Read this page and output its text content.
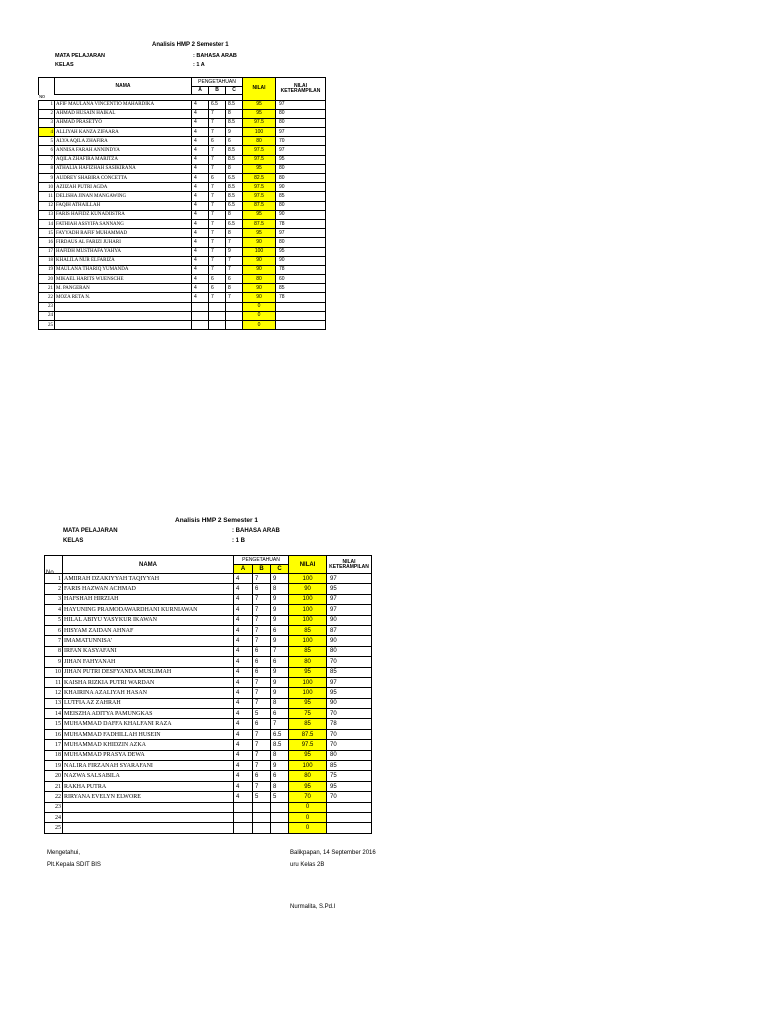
Analisis HMP 2 Semester 1
MATA PELAJARAN	: BAHASA ARAB
KELAS	: 1 A
	NAMA	PENGETAHUAN			NILAI	NILAI
KETERAMPILAN

		A	B	C		
No						
1	AFIF MAULANA VINCENTIO MAHARDIKA	4	6.5	8.5	95	97
2	AHMAD HUSAIN HAIKAL	4	7	8	95	80
3	AHMAD PRASETYO	4	7	8.5	97.5	80
4	ALLIYAH KANZA ZIFAARA	4	7	9	100	97
5	ALYA AQILA ZHAFIRA	4	6	6	80	70
6	ANNISA FARAH ANNINDYA	4	7	8.5	97.5	97
7	AQILA ZHAFIRA MARITZA	4	7	8.5	97.5	95
8	ATHALIA HAFIZHAH SASIKIRANA	4	7	8	95	80
9	AUDREY SHABIRA CONCETTA	4	6	6.5	82.5	80
10	AZIIZAH PUTRI AGDA	4	7	8.5	97.5	90
11	DELISHA JINAN MANGAWING	4	7	8.5	97.5	85
12	FAQIH ATHAILLAH	4	7	6.5	87.5	80
13	FARIS HAFIDZ KUNADIISTRA	4	7	8	95	90
14	FATHIAH ASSYIFA SANNANG	4	7	6.5	87.5	78
15	FAYYADH RAFIF MUHAMMAD	4	7	8	95	97
16	FIRDAUS AL FARIZI JUHARI	4	7	7	90	80
17	HAFIDH MUSTHAFA YAHYA	4	7	9	100	95
18	KHALILA NUR ELFARIZA	4	7	7	90	90
19	MAULANA THARIQ YUMANDA	4	7	7	90	78
20	MIKAEL HARITS WUENSCHE	4	6	6	80	60
21	M. PANGERAN	4	6	8	90	85
22	MOZA RETA N.	4	7	7	90	78
23					0	
24					0	
25					0	
Analisis HMP 2 Semester 1
MATA PELAJARAN	: BAHASA ARAB
KELAS	: 1 B
	NAMA	PENGETAHUAN			NILAI	NILAI
KETERAMPILAN

		A	B	C		
1	AMIIRAH DZAKIYYAH TAQIYYAH	4	7	9	100	97
2	FARIS HAZWAN ACHMAD	4	6	8	90	95
3	HAFSHAH HIRZIAH	4	7	9	100	97
4	HAYUNING PRAMODAWARDHANI KURNIAWAN	4	7	9	100	97
5	HILAL ABIYU YASYKUR IKAWAN	4	7	9	100	90
6	HISYAM ZAIDAN AHNAF	4	7	6	85	87
7	IMAMATUNNISA'	4	7	9	100	90
8	IRFAN KASYAFANI	4	6	7	85	80
9	JIHAN FAHYANAH	4	6	6	80	70
10	JIHAN PUTRI DESFYANDA MUSLIMAH	4	6	9	95	85
11	KAISHA RIZKIA PUTRI WARDAN	4	7	9	100	97
12	KHAIRINA AZALIYAH HASAN	4	7	9	100	95
13	LUTFIA AZ ZAHRAH	4	7	8	95	90
14	MEISZHA ADITYA PAMUNGKAS	4	5	6	75	70
15	MUHAMMAD DAFFA KHALFANI RAZA	4	6	7	85	78
16	MUHAMMAD FADHILLAH HUSEIN	4	7	6.5	87.5	70
17	MUHAMMAD KHIDZIN AZKA	4	7	8.5	97.5	70
18	MUHAMMAD PRASYA DEWA	4	7	8	95	80
19	NALIRA FIRZANAH SYARAFANI	4	7	9	100	85
20	NAZWA SALSABILA	4	6	6	80	75
21	RAKHA PUTRA	4	7	8	95	95
22	RIRYANA EVELYN ELWORE	4	5	5	70	70
23					0	
24					0	
25					0	
No
Mengetahui,
Plt.Kepala SDIT BIS
Balikpapan, 14 September 2016
uru Kelas 2B
Nurmalita, S.Pd.I
